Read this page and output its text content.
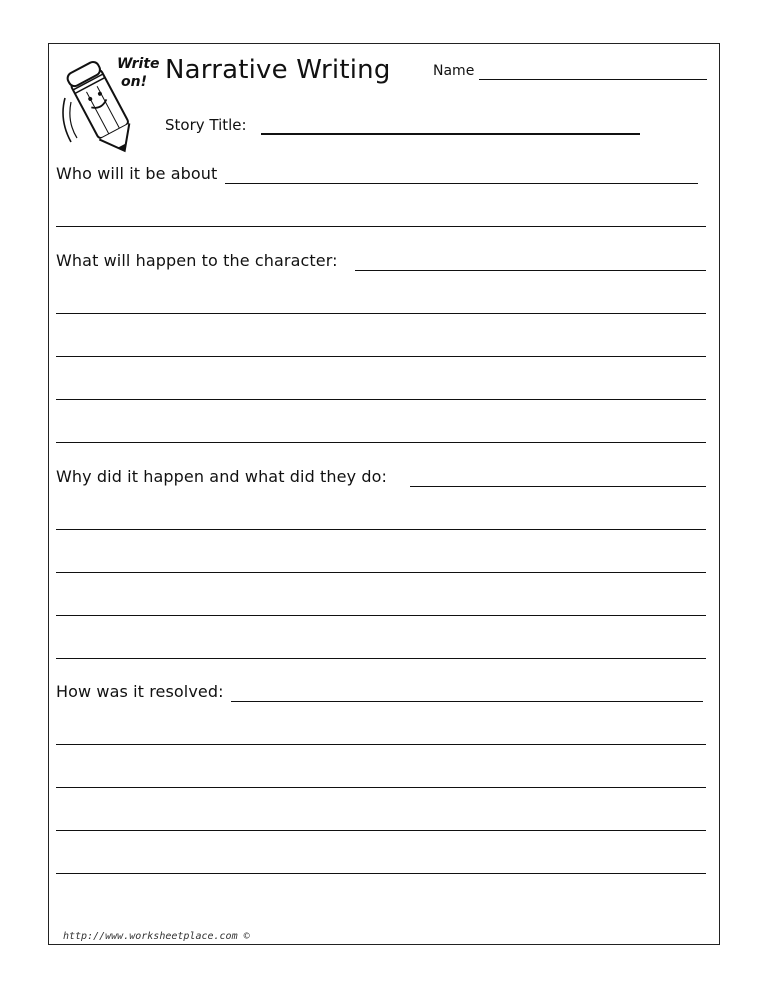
Write
on! Narrative Writing	Name
Story Title:
Who will it be about
What will happen to the character:
Why did it happen and what did they do:
How was it resolved:
http://www.worksheetplace.com ©
